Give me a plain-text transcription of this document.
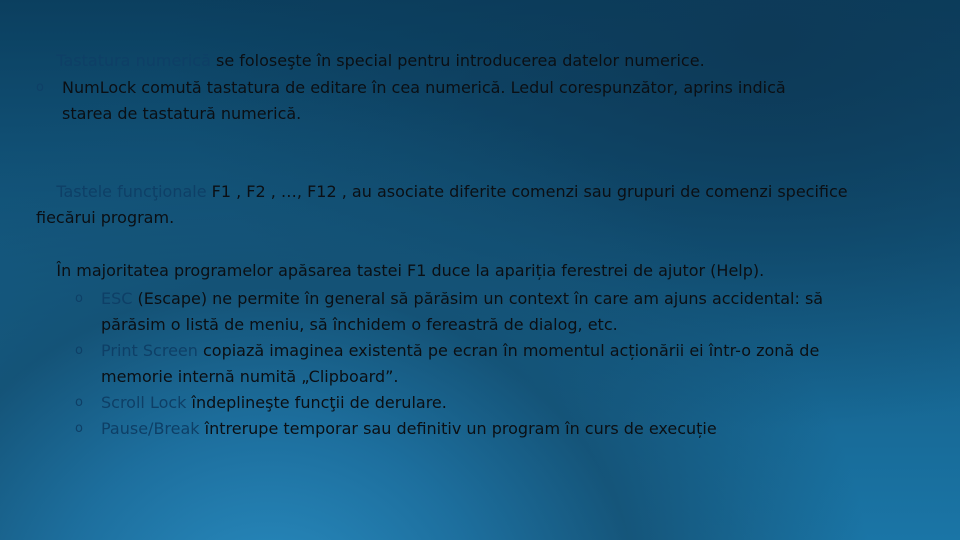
Tastatura numerică se foloseşte în special pentru introducerea datelor numerice.

o	NumLock comută tastatura de editare în cea numerică. Ledul corespunzător, aprins indică
starea de tastatură numerică.

Tastele funcţionale F1 , F2 , …, F12 , au asociate diferite comenzi sau grupuri de comenzi specifice
fiecărui program.

În majoritatea programelor apăsarea tastei F1 duce la apariția ferestrei de ajutor (Help).

o	ESC (Escape) ne permite în general să părăsim un context în care am ajuns accidental: să
părăsim o listă de meniu, să închidem o fereastră de dialog, etc.
o	Print Screen copiază imaginea existentă pe ecran în momentul acționării ei într-o zonă de
memorie internă numită „Clipboard”.
o	Scroll Lock îndeplineşte funcţii de derulare.
o	Pause/Break întrerupe temporar sau definitiv un program în curs de execuție
